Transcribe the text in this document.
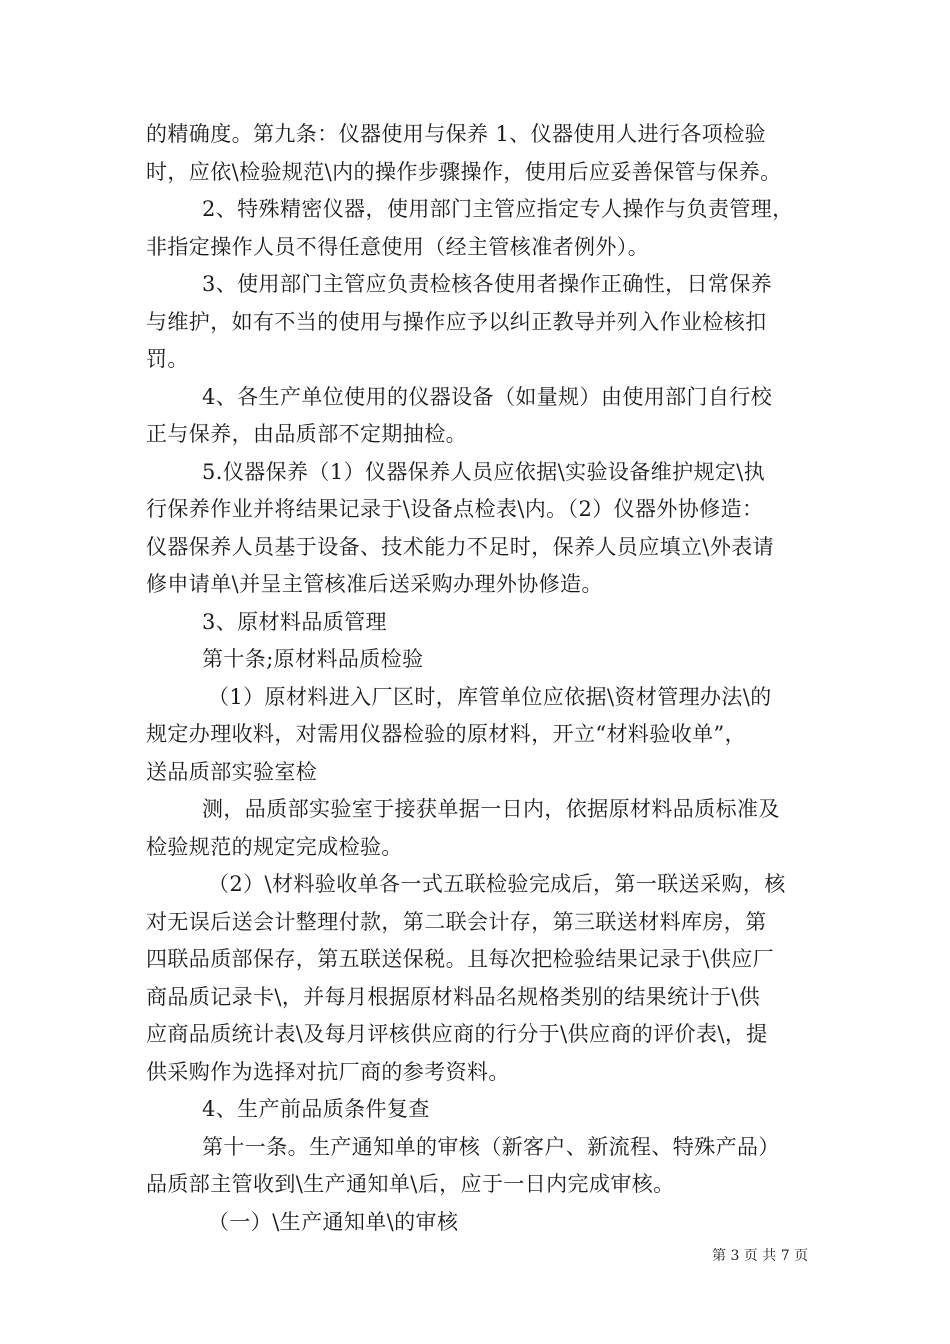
的精确度。第九条：仪器使用与保养 1、仪器使用人进行各项检验
时，应依\检验规范\内的操作步骤操作，使用后应妥善保管与保养。
2、特殊精密仪器，使用部门主管应指定专人操作与负责管理，
非指定操作人员不得任意使用（经主管核准者例外）。
3、使用部门主管应负责检核各使用者操作正确性，日常保养
与维护，如有不当的使用与操作应予以纠正教导并列入作业检核扣
罚。
4、各生产单位使用的仪器设备（如量规）由使用部门自行校
正与保养，由品质部不定期抽检。
5.仪器保养（1）仪器保养人员应依据\实验设备维护规定\执
行保养作业并将结果记录于\设备点检表\内。（2）仪器外协修造：
仪器保养人员基于设备、技术能力不足时，保养人员应填立\外表请
修申请单\并呈主管核准后送采购办理外协修造。
3、原材料品质管理
第十条;原材料品质检验
（1）原材料进入厂区时，库管单位应依据\资材管理办法\的
规定办理收料，对需用仪器检验的原材料，开立“材料验收单”，
送品质部实验室检
测，品质部实验室于接获单据一日内，依据原材料品质标准及
检验规范的规定完成检验。
（2）\材料验收单各一式五联检验完成后，第一联送采购，核
对无误后送会计整理付款，第二联会计存，第三联送材料库房，第
四联品质部保存，第五联送保税。且每次把检验结果记录于\供应厂
商品质记录卡\，并每月根据原材料品名规格类别的结果统计于\供
应商品质统计表\及每月评核供应商的行分于\供应商的评价表\，提
供采购作为选择对抗厂商的参考资料。
4、生产前品质条件复查
第十一条。生产通知单的审核（新客户、新流程、特殊产品）
品质部主管收到\生产通知单\后，应于一日内完成审核。
（一）\生产通知单\的审核
第 3 页 共 7 页
